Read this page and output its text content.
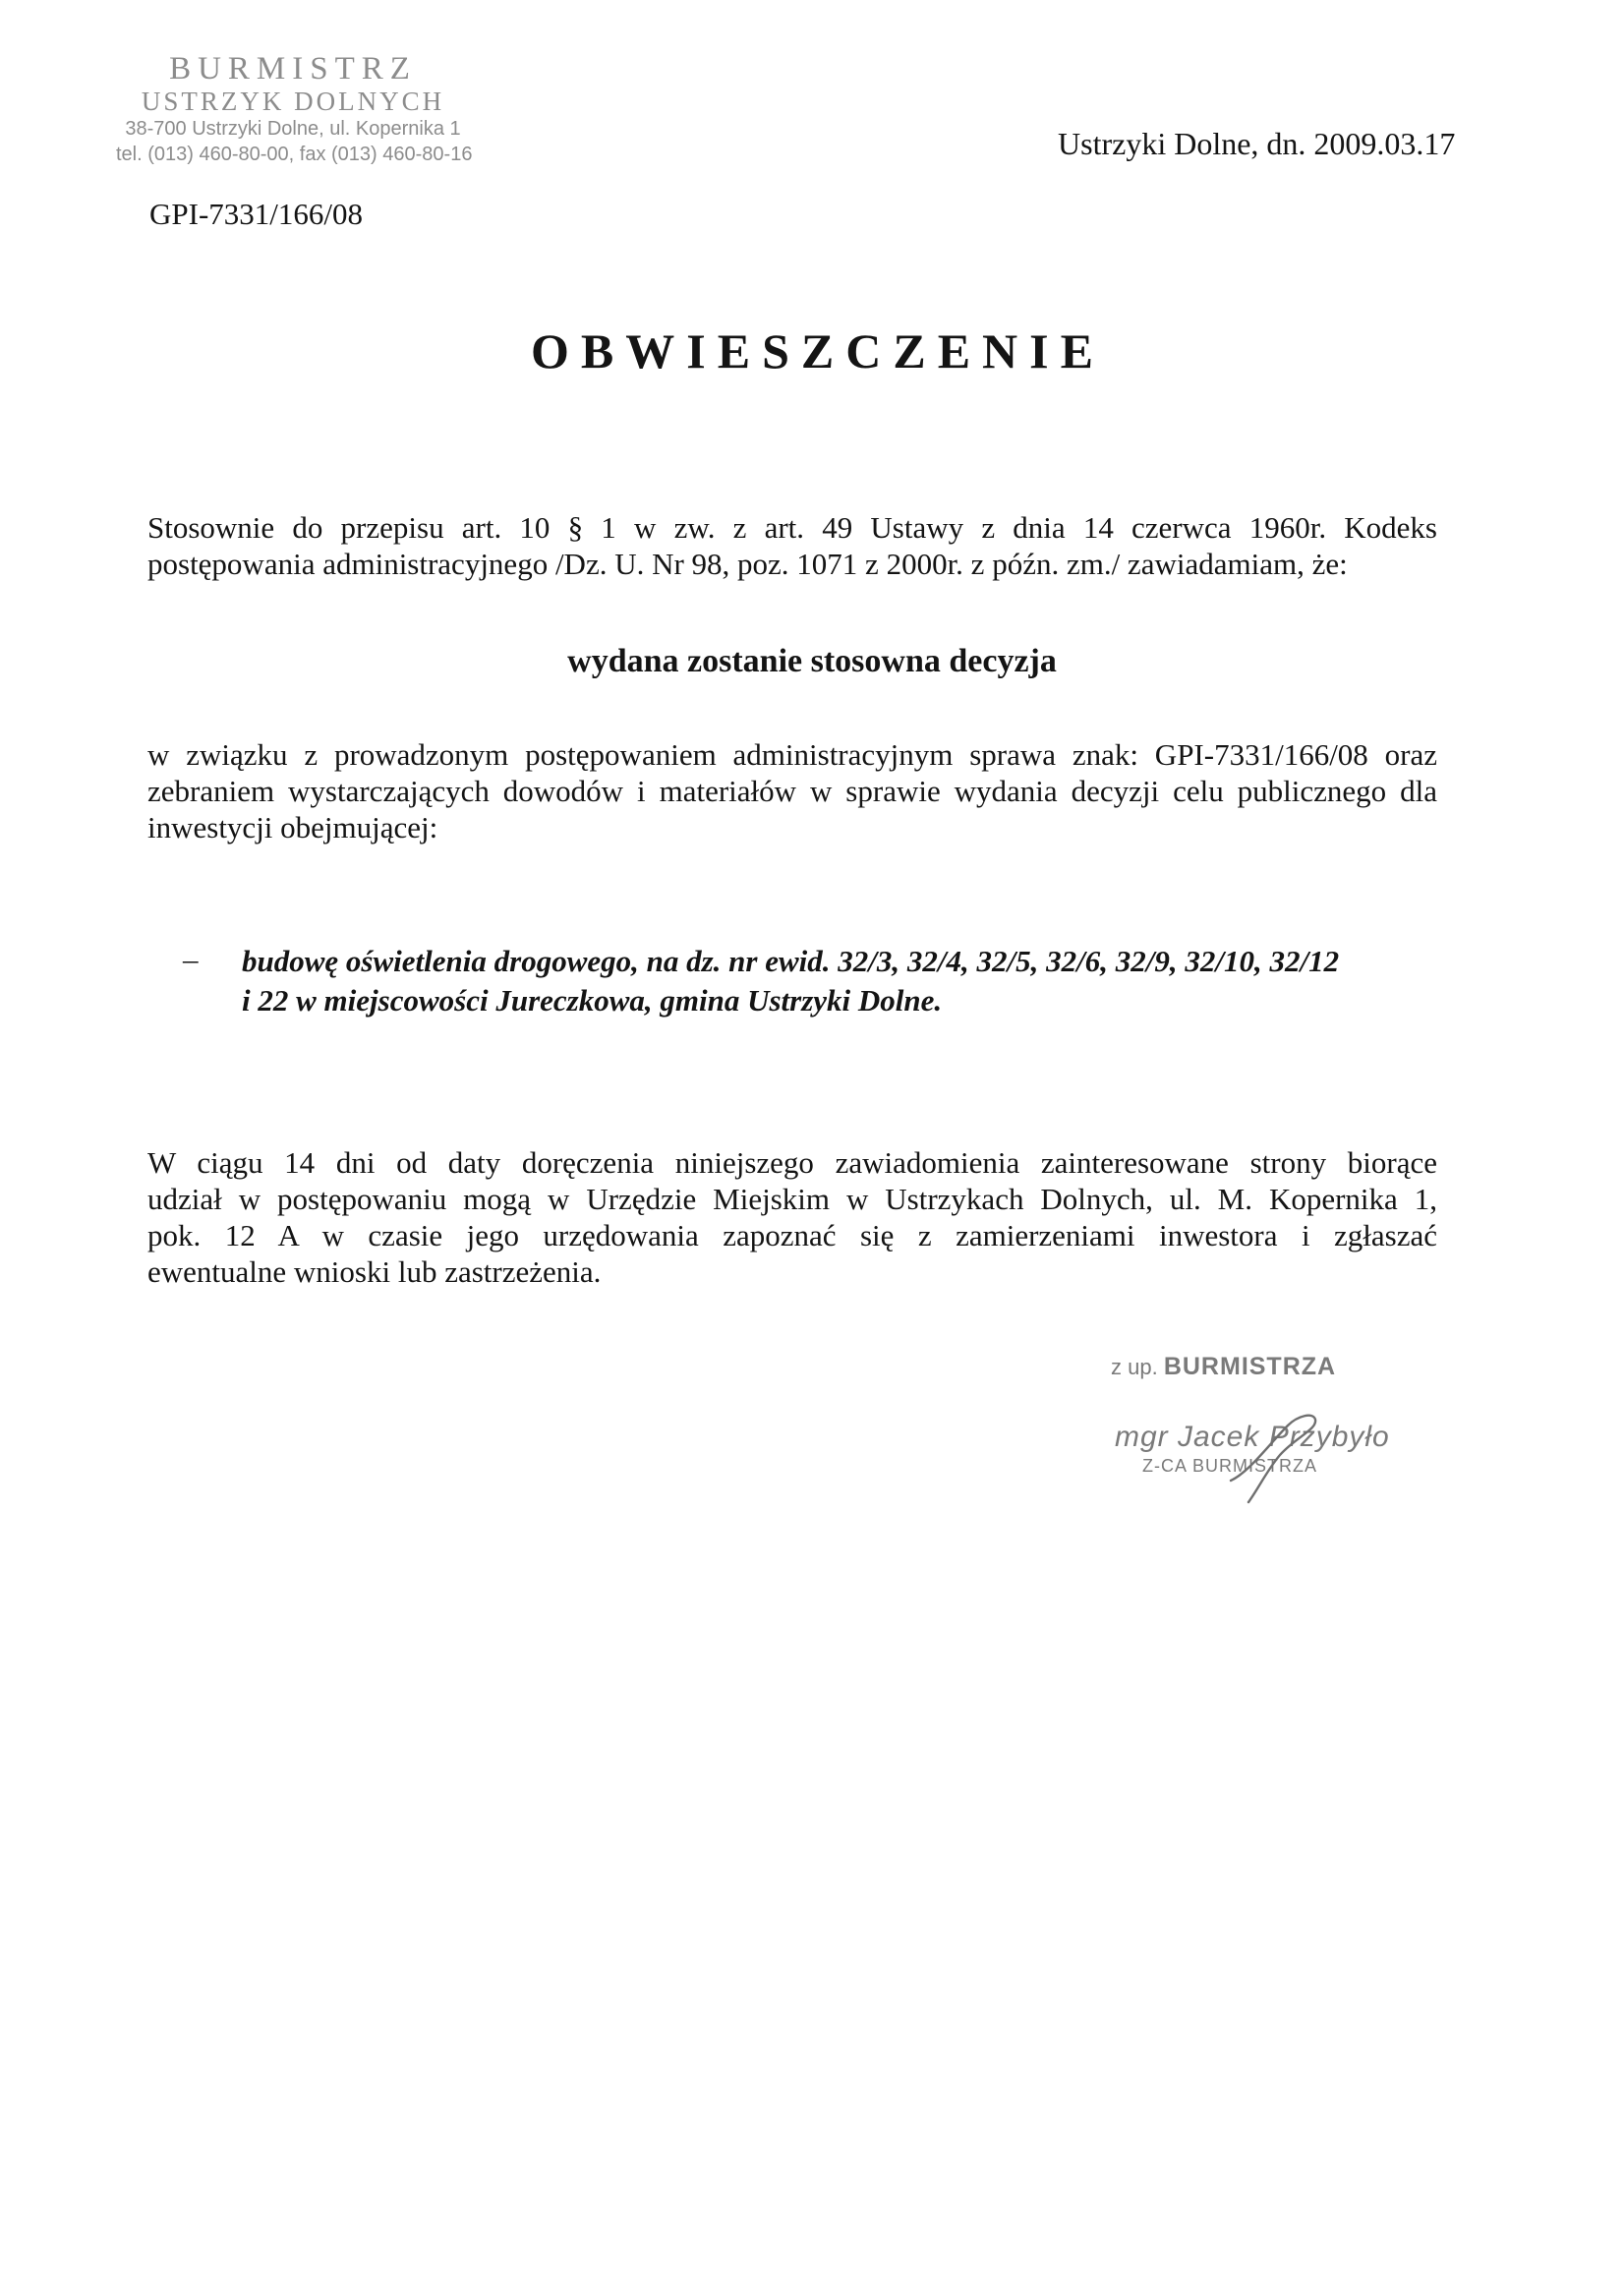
BURMISTRZ
USTRZYK DOLNYCH
38-700 Ustrzyki Dolne, ul. Kopernika 1
tel. (013) 460-80-00, fax (013) 460-80-16	Ustrzyki Dolne, dn. 2009.03.17
GPI-7331/166/08
OBWIESZCZENIE
Stosownie do przepisu art. 10 § 1 w zw. z art. 49 Ustawy z dnia 14 czerwca 1960r. Kodeks
postępowania administracyjnego /Dz. U. Nr 98, poz. 1071 z 2000r. z późn. zm./ zawiadamiam, że:
wydana zostanie stosowna decyzja
w związku z prowadzonym postępowaniem administracyjnym sprawa znak: GPI-7331/166/08 oraz
zebraniem wystarczających dowodów i materiałów w sprawie wydania decyzji celu publicznego dla
inwestycji obejmującej:
– budowę oświetlenia drogowego, na dz. nr ewid. 32/3, 32/4, 32/5, 32/6, 32/9, 32/10, 32/12
i 22 w miejscowości Jureczkowa, gmina Ustrzyki Dolne.
W ciągu 14 dni od daty doręczenia niniejszego zawiadomienia zainteresowane strony biorące
udział w postępowaniu mogą w Urzędzie Miejskim w Ustrzykach Dolnych, ul. M. Kopernika 1,
pok. 12 A w czasie jego urzędowania zapoznać się z zamierzeniami inwestora i zgłaszać
ewentualne wnioski lub zastrzeżenia.
z up. BURMISTRZA
mgr Jacek Przybyło
Z-CA BURMISTRZA
